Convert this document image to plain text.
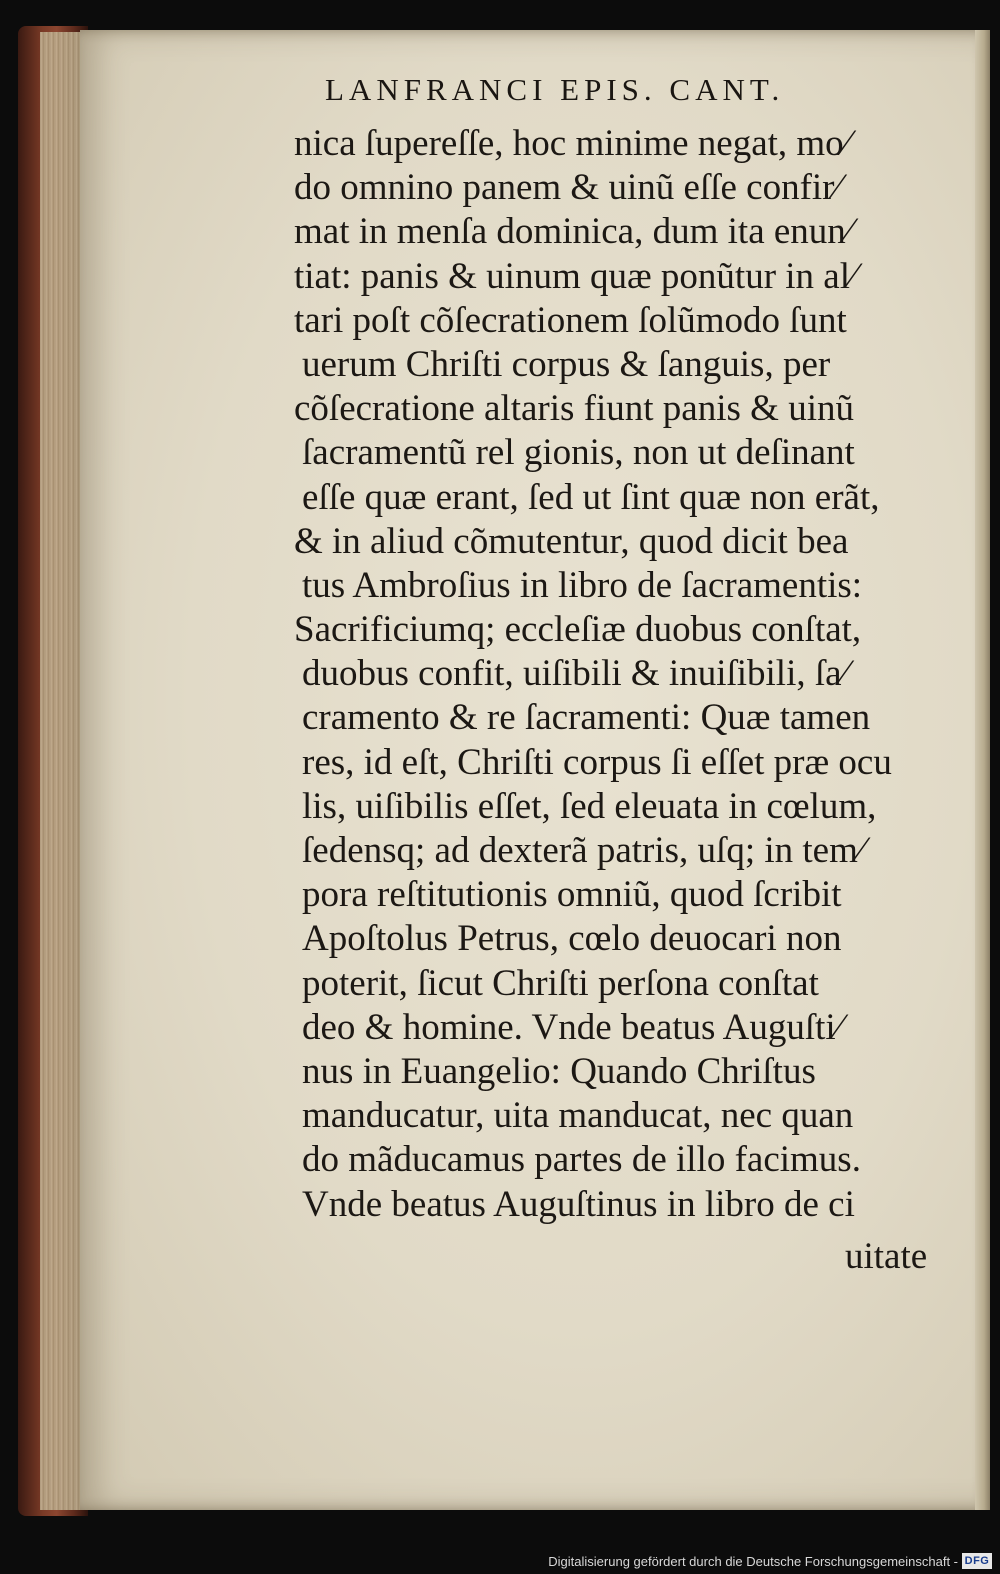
LANFRANCI EPIS. CANT.
nica ſupereſſe, hoc minime negat, mo⁄
do omnino panem & uinũ eſſe confir⁄
mat in menſa dominica, dum ita enun⁄
tiat: panis & uinum quæ ponũtur in al⁄
tari poſt cõſecrationem ſolũmodo ſunt
uerum Chriſti corpus & ſanguis, per
cõſecratione altaris fiunt panis & uinũ
ſacramentũ rel gionis, non ut deſinant
eſſe quæ erant, ſed ut ſint quæ non erãt,
& in aliud cõmutentur, quod dicit bea
tus Ambroſius in libro de ſacramentis:
Sacrificiumq; eccleſiæ duobus conſtat,
duobus confit, uiſibili & inuiſibili, ſa⁄
cramento & re ſacramenti: Quæ tamen
res, id eſt, Chriſti corpus ſi eſſet præ ocu
lis, uiſibilis eſſet, ſed eleuata in cœlum,
ſedensq; ad dexterã patris, uſq; in tem⁄
pora reſtitutionis omniũ, quod ſcribit
Apoſtolus Petrus, cœlo deuocari non
poterit, ſicut Chriſti perſona conſtat
deo & homine. Vnde beatus Auguſti⁄
nus in Euangelio: Quando Chriſtus
manducatur, uita manducat, nec quan
do mãducamus partes de illo facimus.
Vnde beatus Auguſtinus in libro de ci
uitate
Digitalisierung gefördert durch die Deutsche Forschungsgemeinschaft - DFG
